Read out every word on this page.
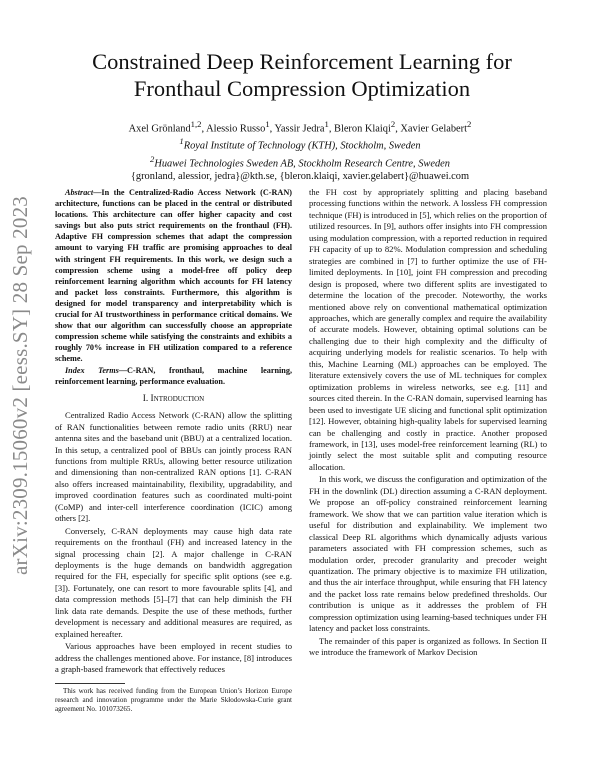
arXiv:2309.15060v2 [eess.SY] 28 Sep 2023
Constrained Deep Reinforcement Learning for
Fronthaul Compression Optimization
Axel Grönland$^{1,2}$, Alessio Russo$^1$, Yassir Jedra$^1$, Bleron Klaiqi$^2$, Xavier Gelabert$^2$
$^1$Royal Institute of Technology (KTH), Stockholm, Sweden
$^2$Huawei Technologies Sweden AB, Stockholm Research Centre, Sweden
{gronland, alessior, jedra}@kth.se, {bleron.klaiqi, xavier.gelabert}@huawei.com

Abstract—In the Centralized-Radio Access Network (C-RAN) architecture, functions can be placed in the central or distributed locations. This architecture can offer higher capacity and cost savings but also puts strict requirements on the fronthaul (FH). Adaptive FH compression schemes that adapt the compression amount to varying FH traffic are promising approaches to deal with stringent FH requirements. In this work, we design such a compression scheme using a model-free off policy deep reinforcement learning algorithm which accounts for FH latency and packet loss constraints. Furthermore, this algorithm is designed for model transparency and interpretability which is crucial for AI trustworthiness in performance critical domains. We show that our algorithm can successfully choose an appropriate compression scheme while satisfying the constraints and exhibits a roughly 70% increase in FH utilization compared to a reference scheme.

Index Terms—C-RAN, fronthaul, machine learning, reinforcement learning, performance evaluation.

I. Introduction

Centralized Radio Access Network (C-RAN) allow the splitting of RAN functionalities between remote radio units (RRU) near antenna sites and the baseband unit (BBU) at a centralized location. In this setup, a centralized pool of BBUs can jointly process RAN functions from multiple RRUs, allowing better resource utilization and dimensioning than non-centralized RAN options [1]. C-RAN also offers increased maintainability, flexibility, upgradability, and improved coordination features such as coordinated multi-point (CoMP) and inter-cell interference coordination (ICIC) among others [2].

Conversely, C-RAN deployments may cause high data rate requirements on the fronthaul (FH) and increased latency in the signal processing chain [2]. A major challenge in C-RAN deployments is the huge demands on bandwidth aggregation required for the FH, especially for specific split options (see e.g. [3]). Fortunately, one can resort to more favourable splits [4], and data compression methods [5]–[7] that can help diminish the FH link data rate demands. Despite the use of these methods, further development is necessary and additional measures are required, as explained hereafter.

Various approaches have been employed in recent studies to address the challenges mentioned above. For instance, [8] introduces a graph-based framework that effectively reduces

This work has received funding from the European Union’s Horizon Europe research and innovation programme under the Marie Skłodowska-Curie grant agreement No. 101073265.

the FH cost by appropriately splitting and placing baseband processing functions within the network. A lossless FH compression technique (FH) is introduced in [5], which relies on the proportion of utilized resources. In [9], authors offer insights into FH compression using modulation compression, with a reported reduction in required FH capacity of up to 82%. Modulation compression and scheduling strategies are combined in [7] to further optimize the use of FH-limited deployments. In [10], joint FH compression and precoding design is proposed, where two different splits are investigated to determine the location of the precoder. Noteworthy, the works mentioned above rely on conventional mathematical optimization approaches, which are generally complex and require the availability of accurate models. However, obtaining optimal solutions can be challenging due to their high complexity and the difficulty of acquiring underlying models for realistic scenarios. To help with this, Machine Learning (ML) approaches can be employed. The literature extensively covers the use of ML techniques for complex optimization problems in wireless networks, see e.g. [11] and sources cited therein. In the C-RAN domain, supervised learning has been used to investigate UE slicing and functional split optimization [12]. However, obtaining high-quality labels for supervised learning can be challenging and costly in practice. Another proposed framework, in [13], uses model-free reinforcement learning (RL) to jointly select the most suitable split and computing resource allocation.

In this work, we discuss the configuration and optimization of the FH in the downlink (DL) direction assuming a C-RAN deployment. We propose an off-policy constrained reinforcement learning framework. We show that we can partition value iteration which is useful for distribution and explainability. We implement two classical Deep RL algorithms which dynamically adjusts various parameters associated with FH compression schemes, such as modulation order, precoder granularity and precoder weight quantization. The primary objective is to maximize FH utilization, and thus the air interface throughput, while ensuring that FH latency and the packet loss rate remains below predefined thresholds. Our contribution is unique as it addresses the problem of FH compression optimization using learning-based techniques under FH latency and packet loss constraints.

The remainder of this paper is organized as follows. In Section II we introduce the framework of Markov Decision
